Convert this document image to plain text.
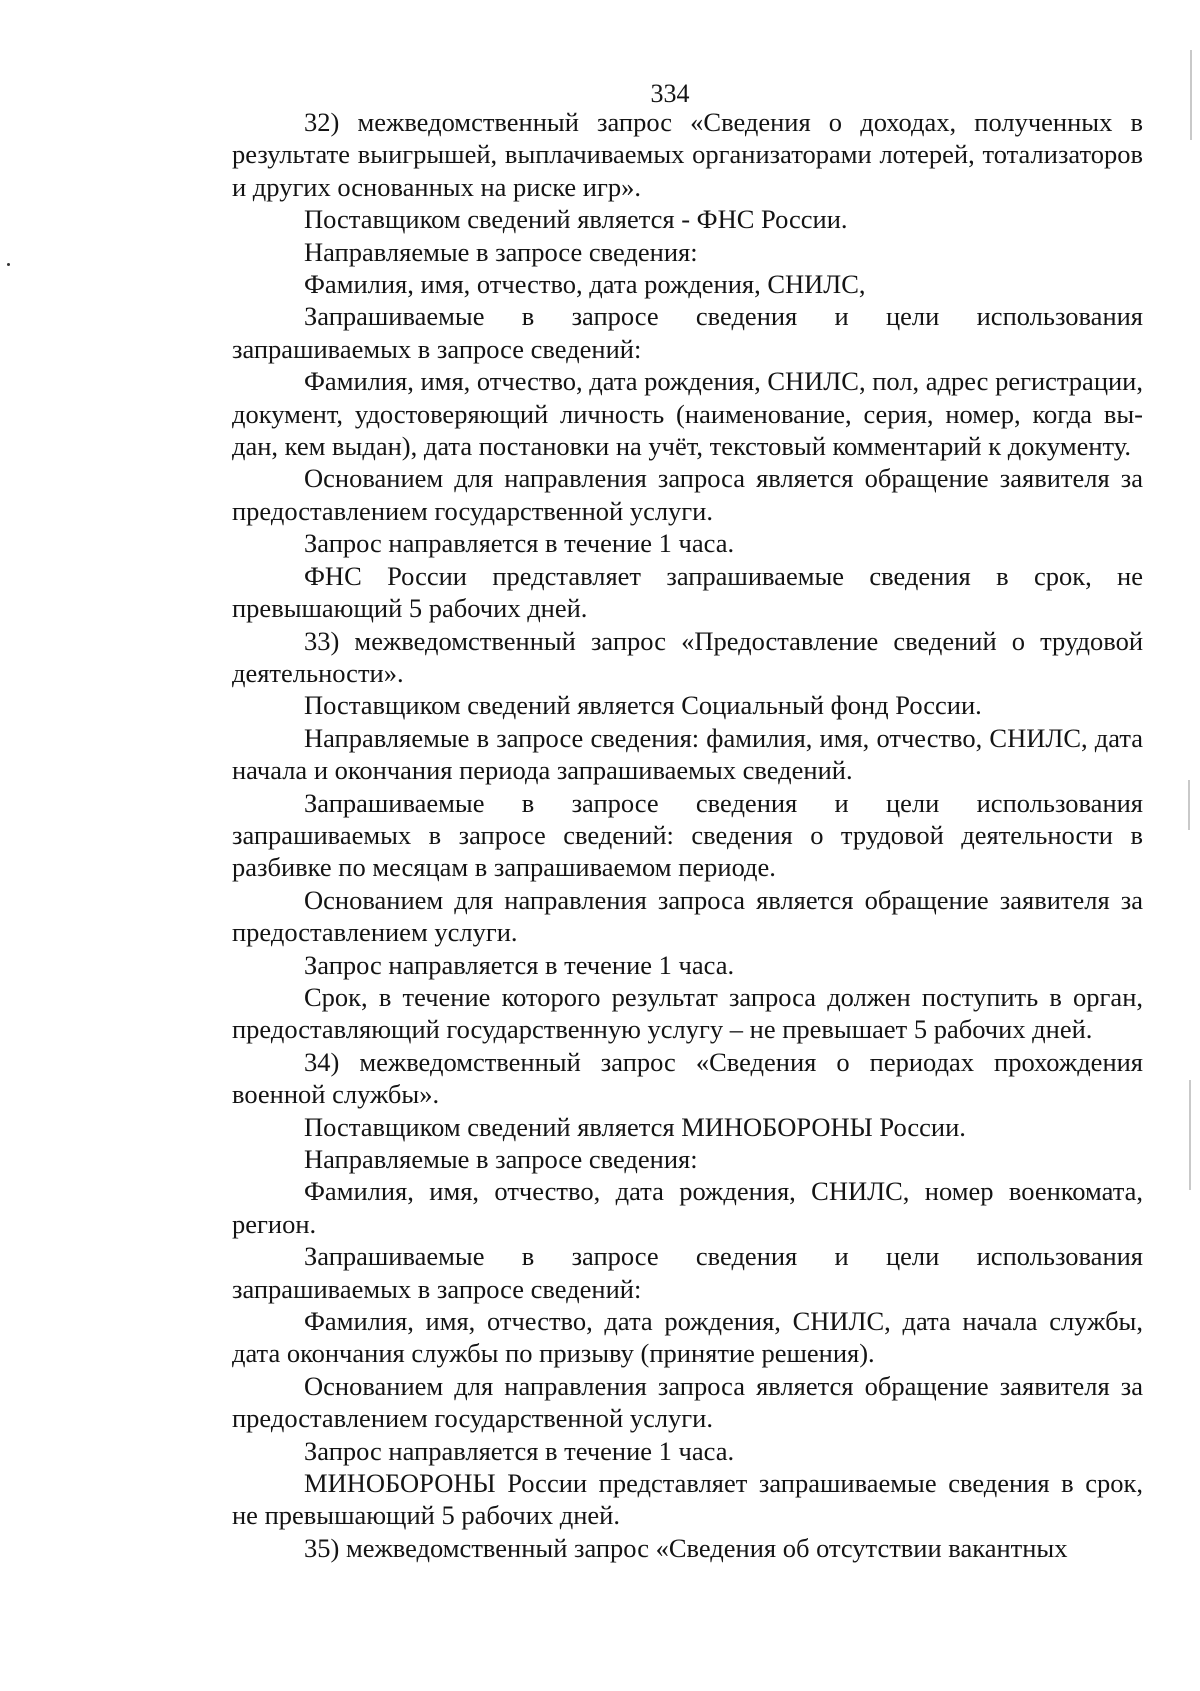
334

32) межведомственный запрос «Сведения о доходах, полученных в результате выигрышей, выплачиваемых организаторами лотерей, тотализаторов и других основанных на риске игр».

Поставщиком сведений является - ФНС России.

Направляемые в запросе сведения:

Фамилия, имя, отчество, дата рождения, СНИЛС,

Запрашиваемые в запросе сведения и цели использования запрашиваемых в запросе сведений:

Фамилия, имя, отчество, дата рождения, СНИЛС, пол, адрес регистрации, документ, удостоверяющий личность (наименование, серия, номер, когда вы-дан, кем выдан), дата постановки на учёт, текстовый комментарий к документу.

Основанием для направления запроса является обращение заявителя за предоставлением государственной услуги.

Запрос направляется в течение 1 часа.

ФНС России представляет запрашиваемые сведения в срок, не превышающий 5 рабочих дней.

33) межведомственный запрос «Предоставление сведений о трудовой деятельности».

Поставщиком сведений является Социальный фонд России.

Направляемые в запросе сведения: фамилия, имя, отчество, СНИЛС, дата начала и окончания периода запрашиваемых сведений.

Запрашиваемые в запросе сведения и цели использования запрашиваемых в запросе сведений: сведения о трудовой деятельности в разбивке по месяцам в запрашиваемом периоде.

Основанием для направления запроса является обращение заявителя за предоставлением услуги.

Запрос направляется в течение 1 часа.

Срок, в течение которого результат запроса должен поступить в орган, предоставляющий государственную услугу – не превышает 5 рабочих дней.

34) межведомственный запрос «Сведения о периодах прохождения военной службы».

Поставщиком сведений является МИНОБОРОНЫ России.

Направляемые в запросе сведения:

Фамилия, имя, отчество, дата рождения, СНИЛС, номер военкомата, регион.

Запрашиваемые в запросе сведения и цели использования запрашиваемых в запросе сведений:

Фамилия, имя, отчество, дата рождения, СНИЛС, дата начала службы, дата окончания службы по призыву (принятие решения).

Основанием для направления запроса является обращение заявителя за предоставлением государственной услуги.

Запрос направляется в течение 1 часа.

МИНОБОРОНЫ России представляет запрашиваемые сведения в срок, не превышающий 5 рабочих дней.

35) межведомственный запрос «Сведения об отсутствии вакантных
